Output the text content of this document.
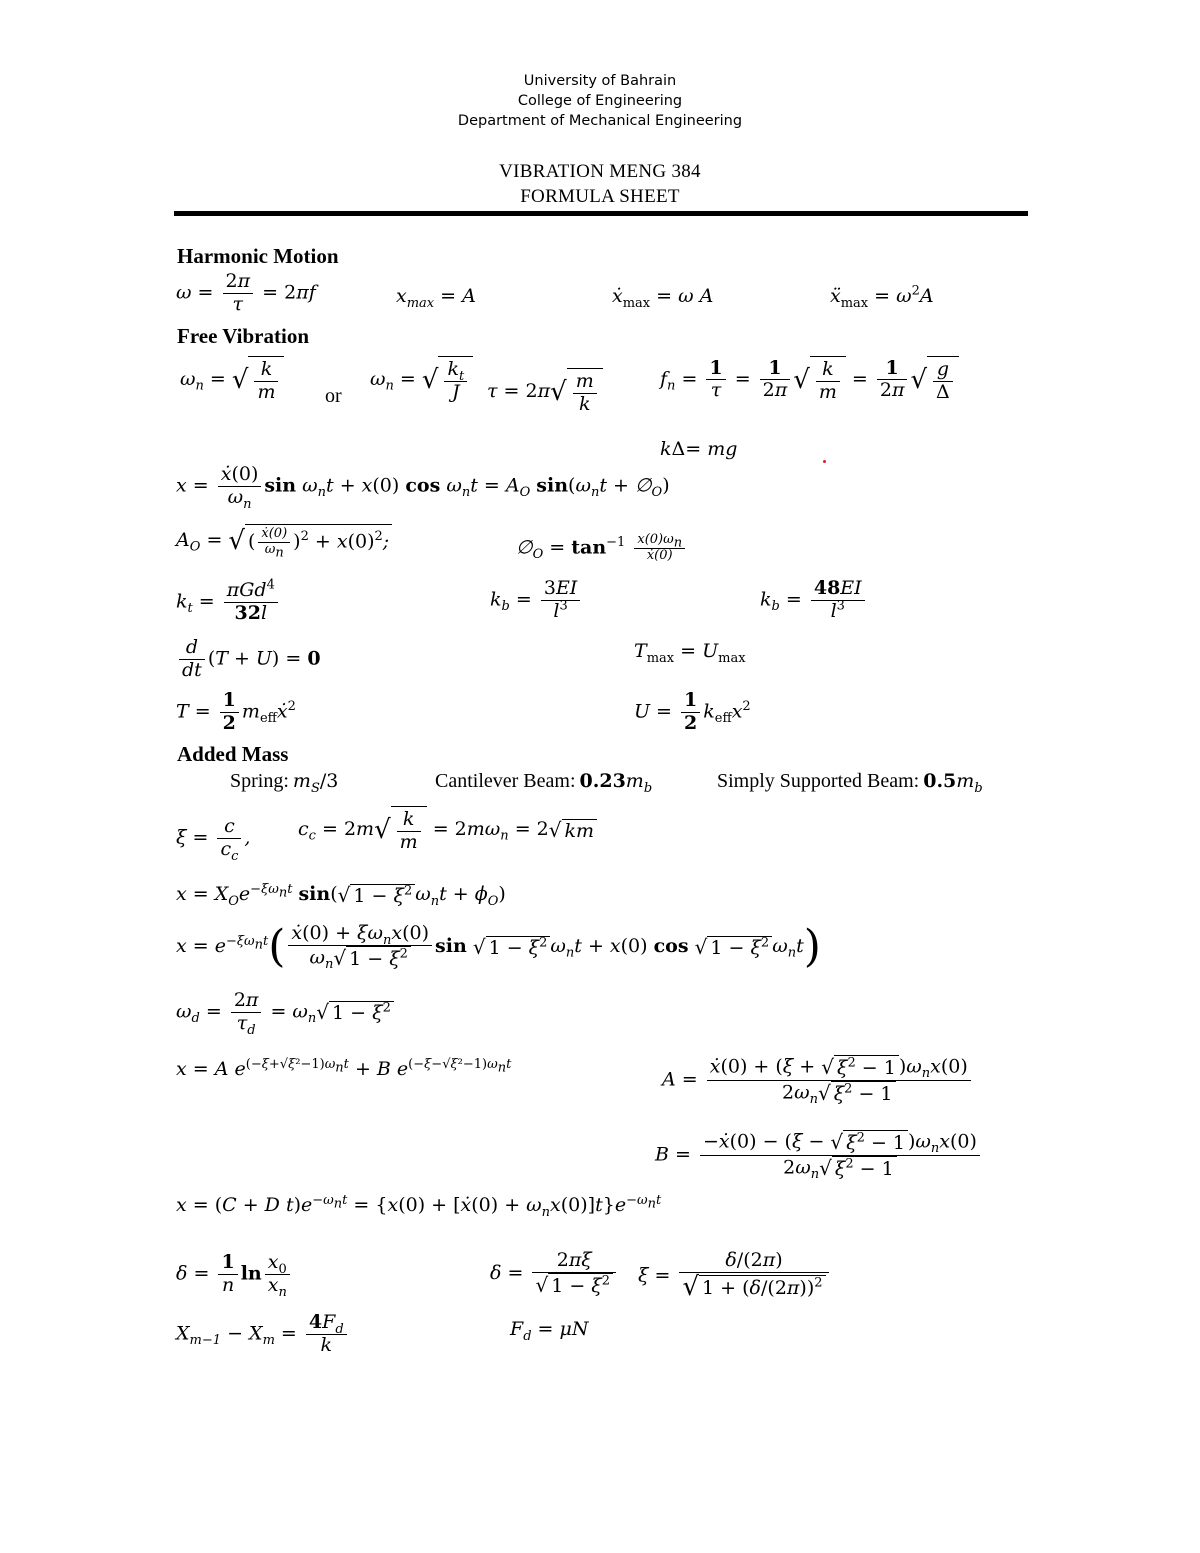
University of Bahrain
College of Engineering
Department of Mechanical Engineering
VIBRATION MENG 384
FORMULA SHEET
Harmonic Motion
$\omega = \frac{2\pi}{\tau} = 2\pi f$	$x_{max} = A$	ẋ$_{max}$ = ω A	ẍ$_{max}$ = $\omega^2A$
Free Vibration
$\omega_n$ = √ $\frac{k}{m}$ or
$\omega_n$ = √ $\frac{k_t}{J}$ $\tau = 2\pi√ \frac{m}{k}$	$f_n = \frac{1}{\tau} = \frac{1}{2\pi}$ √ $\frac{k}{m} = \frac{1}{2\pi}$ √ $\frac{g}{\Delta}$
kΔ= mg
$x = \frac{\text{ẋ(0)}}{\omega_n}$ $\sin \omega_nt + x(0)$ $\cos \omega_nt = A_O$ $\sin(\omega_nt$ + $\emptyset_O$)
$A_O$ = √ ( $\frac{\text{ẋ(0)}}{\omega_n} )^2 + x(0)^2$;	$\emptyset_O = \tan^{-1} \frac{x(0)\omega_n}{\text{ẋ(0)}}$
$k_t = \frac{\pi Gd^4}{32l}$	$k_b = \frac{3EI}{l^3}$	$k_b = \frac{48EI}{l^3}$
$\frac{d}{dt} (T + U) = 0$	$T_{max} = U_{max}$
$T = \frac{1}{2}$ $m_{eff}ẋ^2$	$U = \frac{1}{2} k_{eff}x^2$
Added Mass
Spring: $m_S/3$	Cantilever Beam: $0.23m_b$	Simply Supported Beam: $0.5m_b$
$\xi = \frac{c}{c_c}$ ,	$c_c = 2m√ \frac{k}{m} = 2m\omega_n = 2√$ km
$x = X_Oe^{-\xi\omega_nt}$ sin(√ $1 - \xi^2$ $\omega_nt + \phi_O$)
$x = e^{-\xi\omega_nt}( \frac{ẋ(0) + \xi\omega_nx(0)}{\omega_n√ 1 - \xi^2}$ sin √ $1 - \xi^2$ $\omega_nt + x(0)$ cos √ $1 - \xi^2$ $\omega_nt$)
$\omega_d = \frac{2\pi}{\tau_d} = \omega_n√$ $1 - \xi^2$
x = A $e^{(-\xi+√\xi^2-1)\omega_nt} + B$ $e^{(-\xi-√\xi^2-1)\omega_nt}$
$A = \frac{ẋ(0) + (\xi + √ \xi^2 - 1 )\omega_nx(0)}{2\omega_n√ \xi^2 - 1}$
$B = \frac{-ẋ(0) - (\xi - √ \xi^2 - 1 )\omega_nx(0)}{2\omega_n√ \xi^2 - 1}$
x = (C + D $t)e^{-\omega_nt} = \{x(0)$ + [ẋ(0) + $\omega_nx(0)]t\}e^{-\omega_nt}$
$\delta = \frac{1}{n}$ $\ln \frac{x_0}{x_n}$	$\delta = \frac{2\pi\xi}{√ 1 - \xi^2}$ $\xi = \frac{\delta/(2\pi)}{√ 1 + (\delta/(2\pi))^2}$
$F_d = \mu N$
$X_{m-1} - X_m = \frac{4F_d}{k}$
